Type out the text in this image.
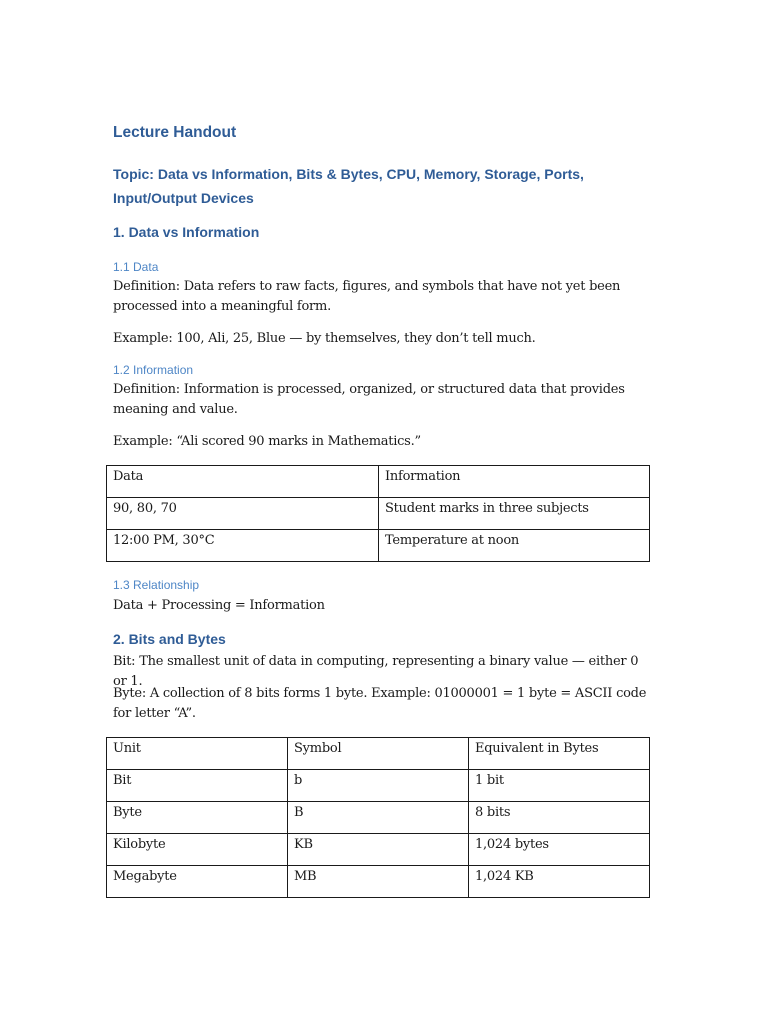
Lecture Handout
Topic: Data vs Information, Bits & Bytes, CPU, Memory, Storage, Ports, Input/Output Devices
1. Data vs Information
1.1 Data

Definition: Data refers to raw facts, figures, and symbols that have not yet been processed into a meaningful form.

Example: 100, Ali, 25, Blue — by themselves, they don’t tell much.

1.2 Information

Definition: Information is processed, organized, or structured data that provides meaning and value.

Example: “Ali scored 90 marks in Mathematics.”

Data	Information
90, 80, 70	Student marks in three subjects
12:00 PM, 30°C	Temperature at noon
1.3 Relationship

Data + Processing = Information

2. Bits and Bytes

Bit: The smallest unit of data in computing, representing a binary value — either 0 or 1.

Byte: A collection of 8 bits forms 1 byte. Example: 01000001 = 1 byte = ASCII code for letter “A”.

Unit	Symbol	Equivalent in Bytes
Bit	b	1 bit
Byte	B	8 bits
Kilobyte	KB	1,024 bytes
Megabyte	MB	1,024 KB
